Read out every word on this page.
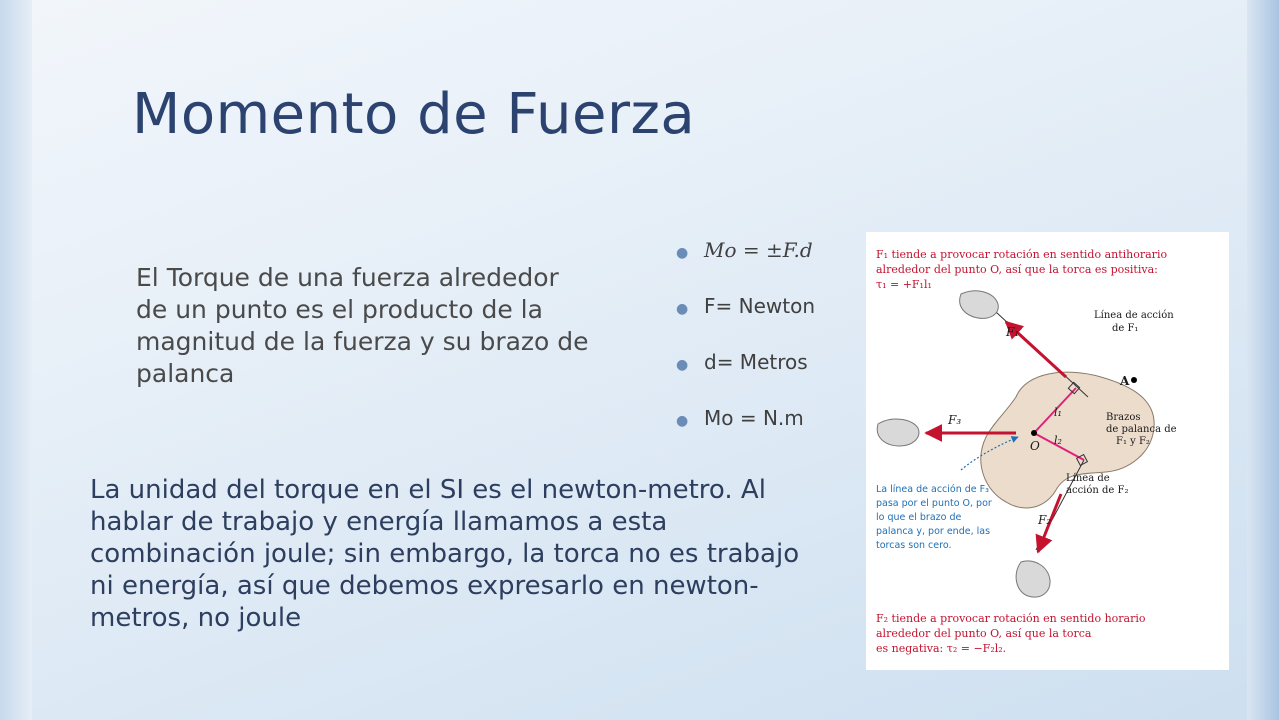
Momento de Fuerza

El Torque de una fuerza alrededor de un punto es el producto de la magnitud de la fuerza y su brazo de palanca

● Mo = ±F.d
● F= Newton
● d= Metros
● Mo = N.m

La unidad del torque en el SI es el newton-metro. Al hablar de trabajo y energía llamamos a esta combinación joule; sin embargo, la torca no es trabajo ni energía, así que debemos expresarlo en newton-metros, no joule

F₁ tiende a provocar rotación en sentido antihorario
alrededor del punto O, así que la torca es positiva:
τ₁ = +F₁l₁
Línea de acción
de F₁
Línea de
acción de F₂
Brazos
de palanca de
F₁ y F₂
F₁
F₃
F₂
O
A
l₁
l₂
La línea de acción de F₃
pasa por el punto O, por
lo que el brazo de
palanca y, por ende, las
torcas son cero.
F₂ tiende a provocar rotación en sentido horario
alrededor del punto O, así que la torca
es negativa: τ₂ = −F₂l₂.
